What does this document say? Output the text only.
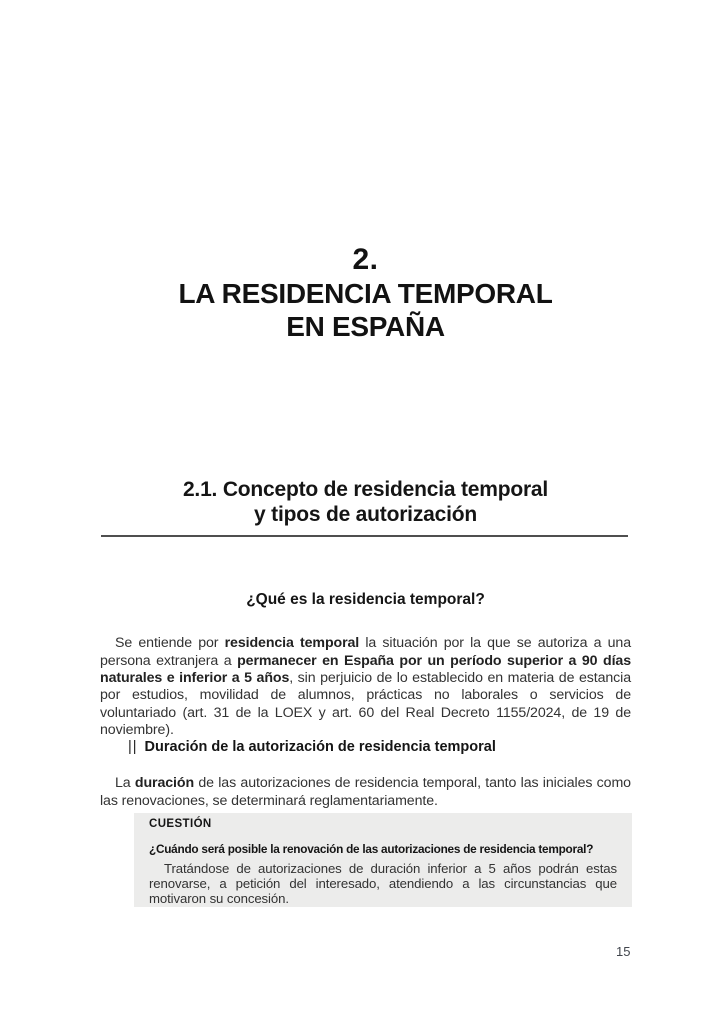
2.
LA RESIDENCIA TEMPORAL
EN ESPAÑA
2.1. Concepto de residencia temporal
y tipos de autorización
¿Qué es la residencia temporal?

Se entiende por residencia temporal la situación por la que se autoriza a una persona extranjera a permanecer en España por un período superior a 90 días naturales e inferior a 5 años, sin perjuicio de lo establecido en materia de estancia por estudios, movilidad de alumnos, prácticas no laborales o servicios de voluntariado (art. 31 de la LOEX y art. 60 del Real Decreto 1155/2024, de 19 de noviembre).

|| Duración de la autorización de residencia temporal

La duración de las autorizaciones de residencia temporal, tanto las iniciales como las renovaciones, se determinará reglamentariamente.

CUESTIÓN
¿Cuándo será posible la renovación de las autorizaciones de residencia temporal?
Tratándose de autorizaciones de duración inferior a 5 años podrán estas renovarse, a petición del interesado, atendiendo a las circunstancias que motivaron su concesión.
15
